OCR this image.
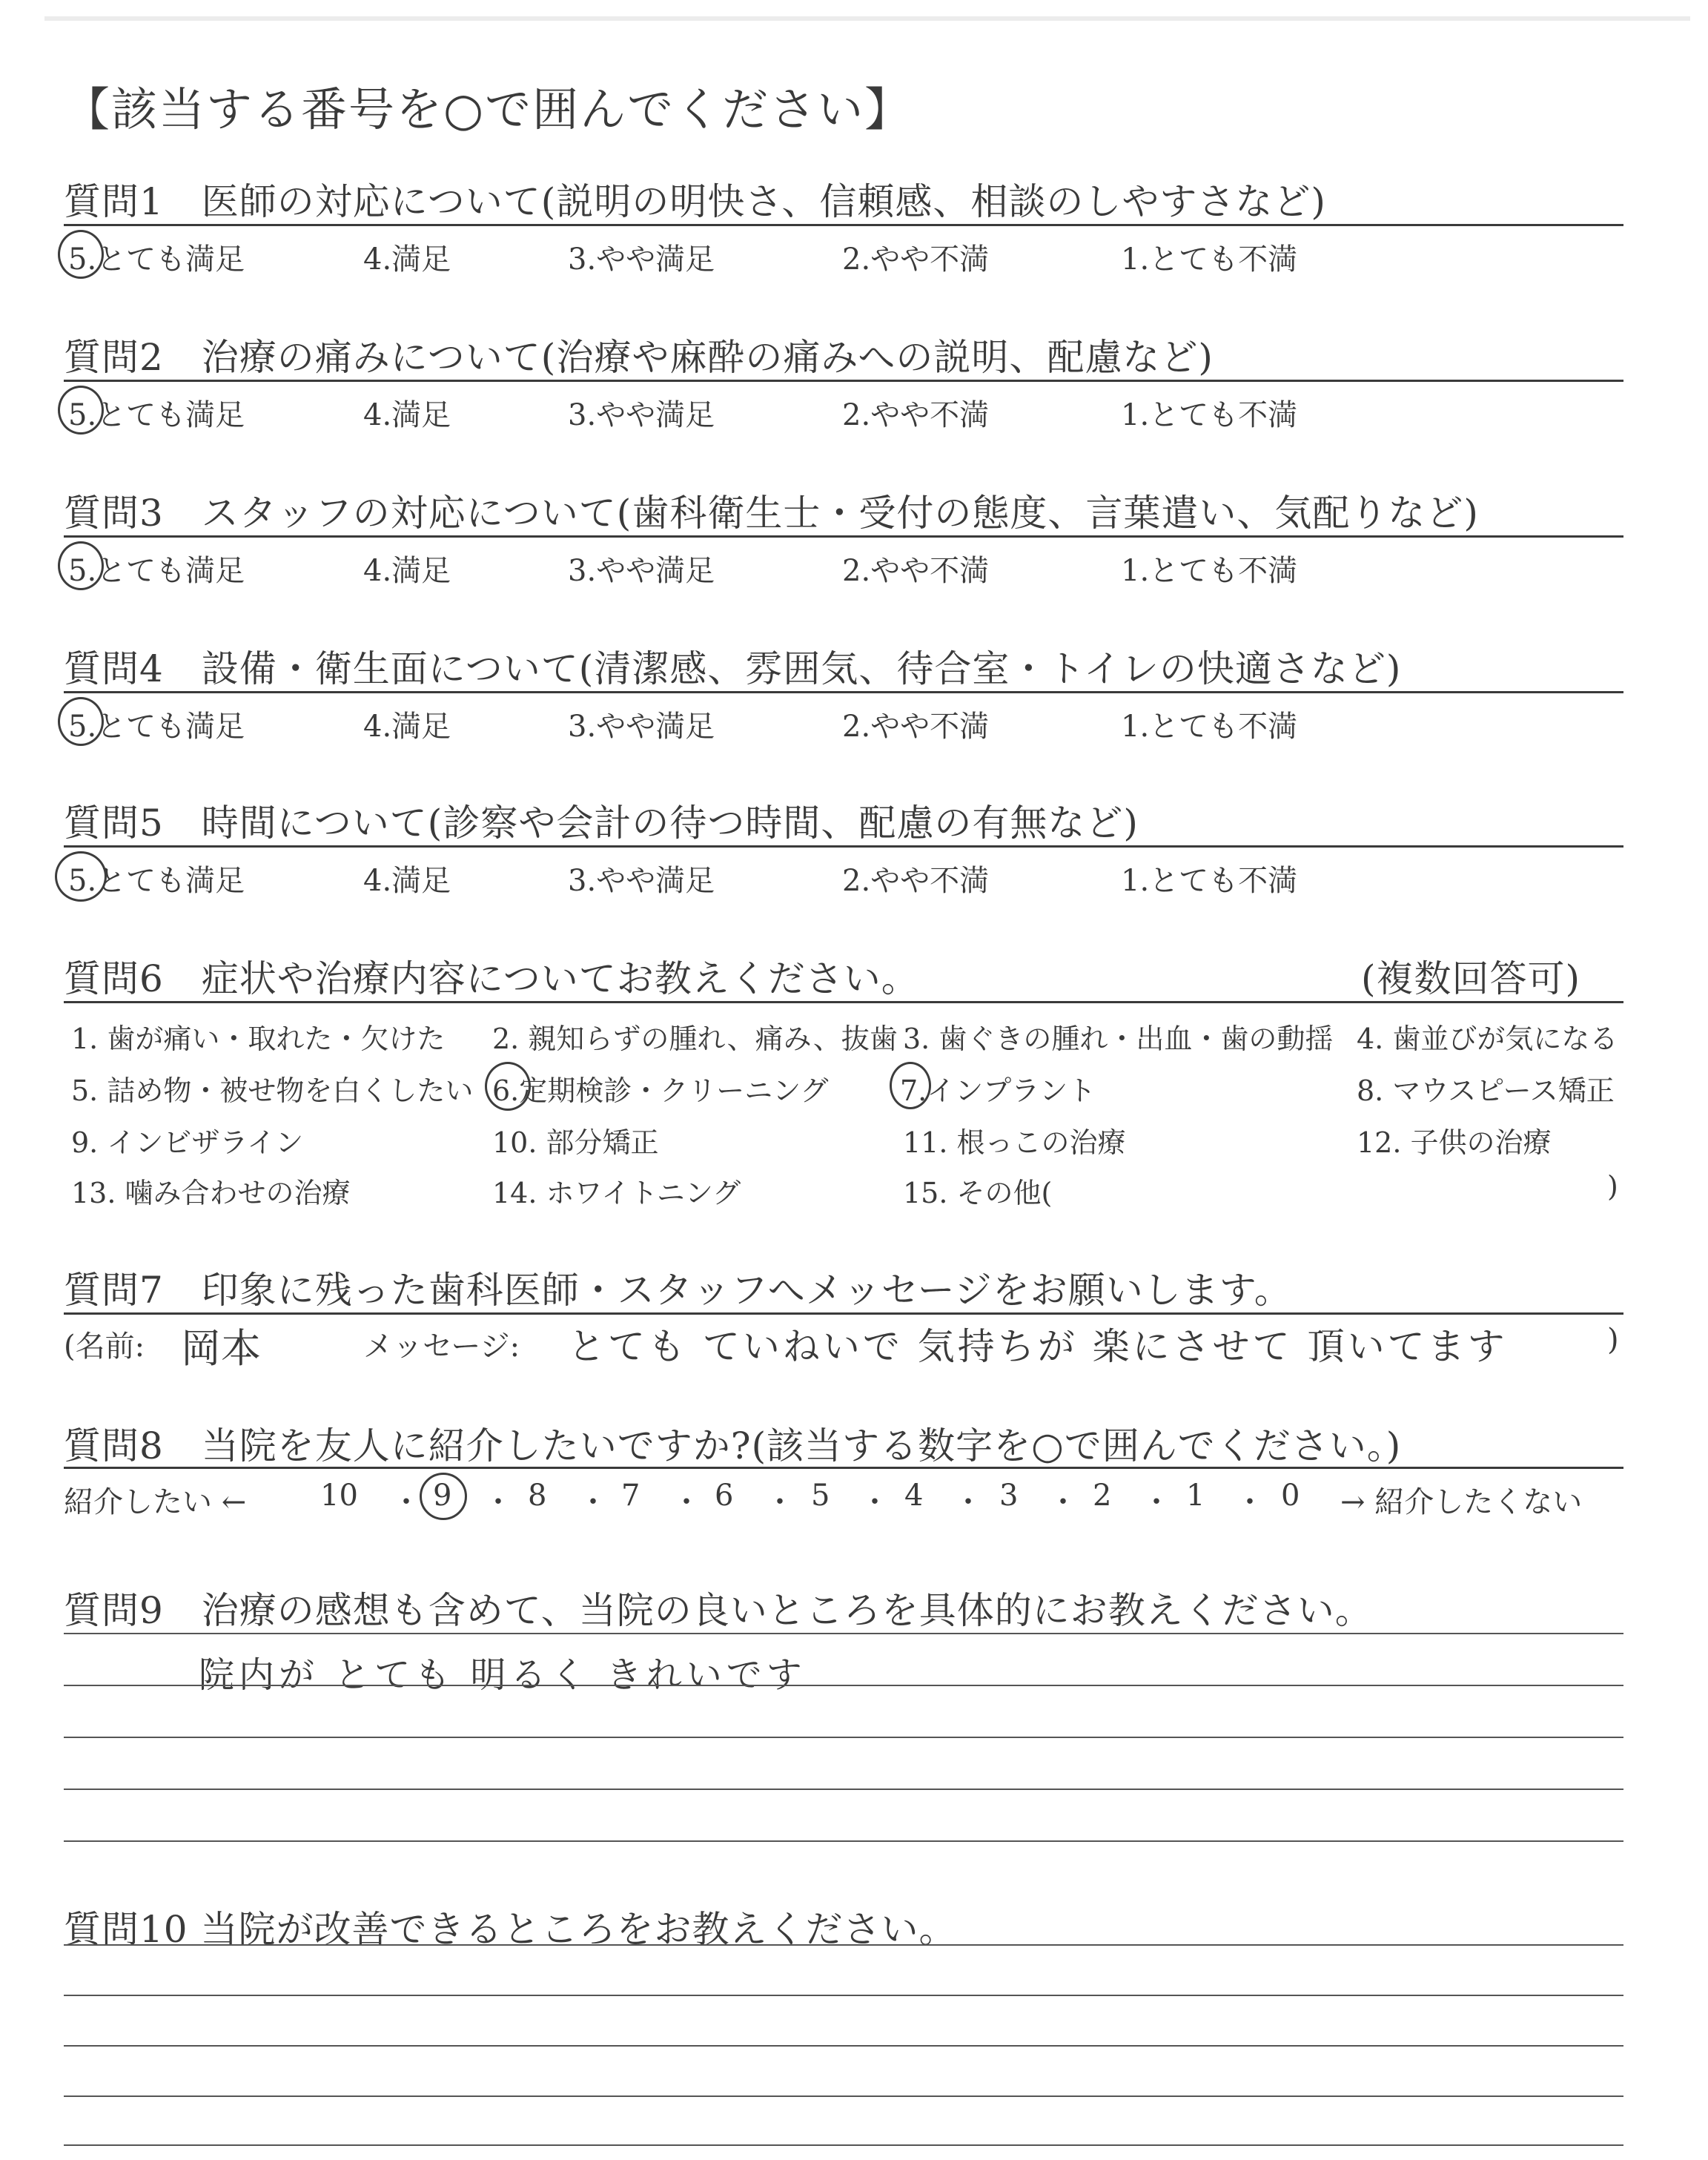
【該当する番号を○で囲んでください】
質問1　医師の対応について(説明の明快さ、信頼感、相談のしやすさなど)
5.とても満足	4.満足	3.やや満足	2.やや不満	1.とても不満
質問2　治療の痛みについて(治療や麻酔の痛みへの説明、配慮など)
5.とても満足	4.満足	3.やや満足	2.やや不満	1.とても不満
質問3　スタッフの対応について(歯科衛生士・受付の態度、言葉遣い、気配りなど)
5.とても満足	4.満足	3.やや満足	2.やや不満	1.とても不満
質問4　設備・衛生面について(清潔感、雰囲気、待合室・トイレの快適さなど)
5.とても満足	4.満足	3.やや満足	2.やや不満	1.とても不満
質問5　時間について(診察や会計の待つ時間、配慮の有無など)
5.とても満足	4.満足	3.やや満足	2.やや不満	1.とても不満
質問6　症状や治療内容についてお教えください。	(複数回答可)
1. 歯が痛い・取れた・欠けた 2. 親知らずの腫れ、痛み、抜歯 3. 歯ぐきの腫れ・出血・歯の動揺 4. 歯並びが気になる
5. 詰め物・被せ物を白くしたい 6.定期検診・クリーニング	7.インプラント	8. マウスピース矯正
9. インビザライン	10. 部分矯正	11. 根っこの治療	12. 子供の治療
13. 噛み合わせの治療	14. ホワイトニング	15. その他(	)
質問7　印象に残った歯科医師・スタッフへメッセージをお願いします。
(名前: 岡本	メッセージ: とても ていねいで 気持ちが 楽にさせて 頂いてます	)
質問8　当院を友人に紹介したいですか?(該当する数字を○で囲んでください。)
紹介したい ← 10 ・ 9 ・ 8 ・ 7 ・ 6 ・ 5 ・ 4 ・ 3 ・ 2 ・ 1 ・ 0 → 紹介したくない
質問9　治療の感想も含めて、当院の良いところを具体的にお教えください。
院内が とても 明るく きれいです
質問10 当院が改善できるところをお教えください。
